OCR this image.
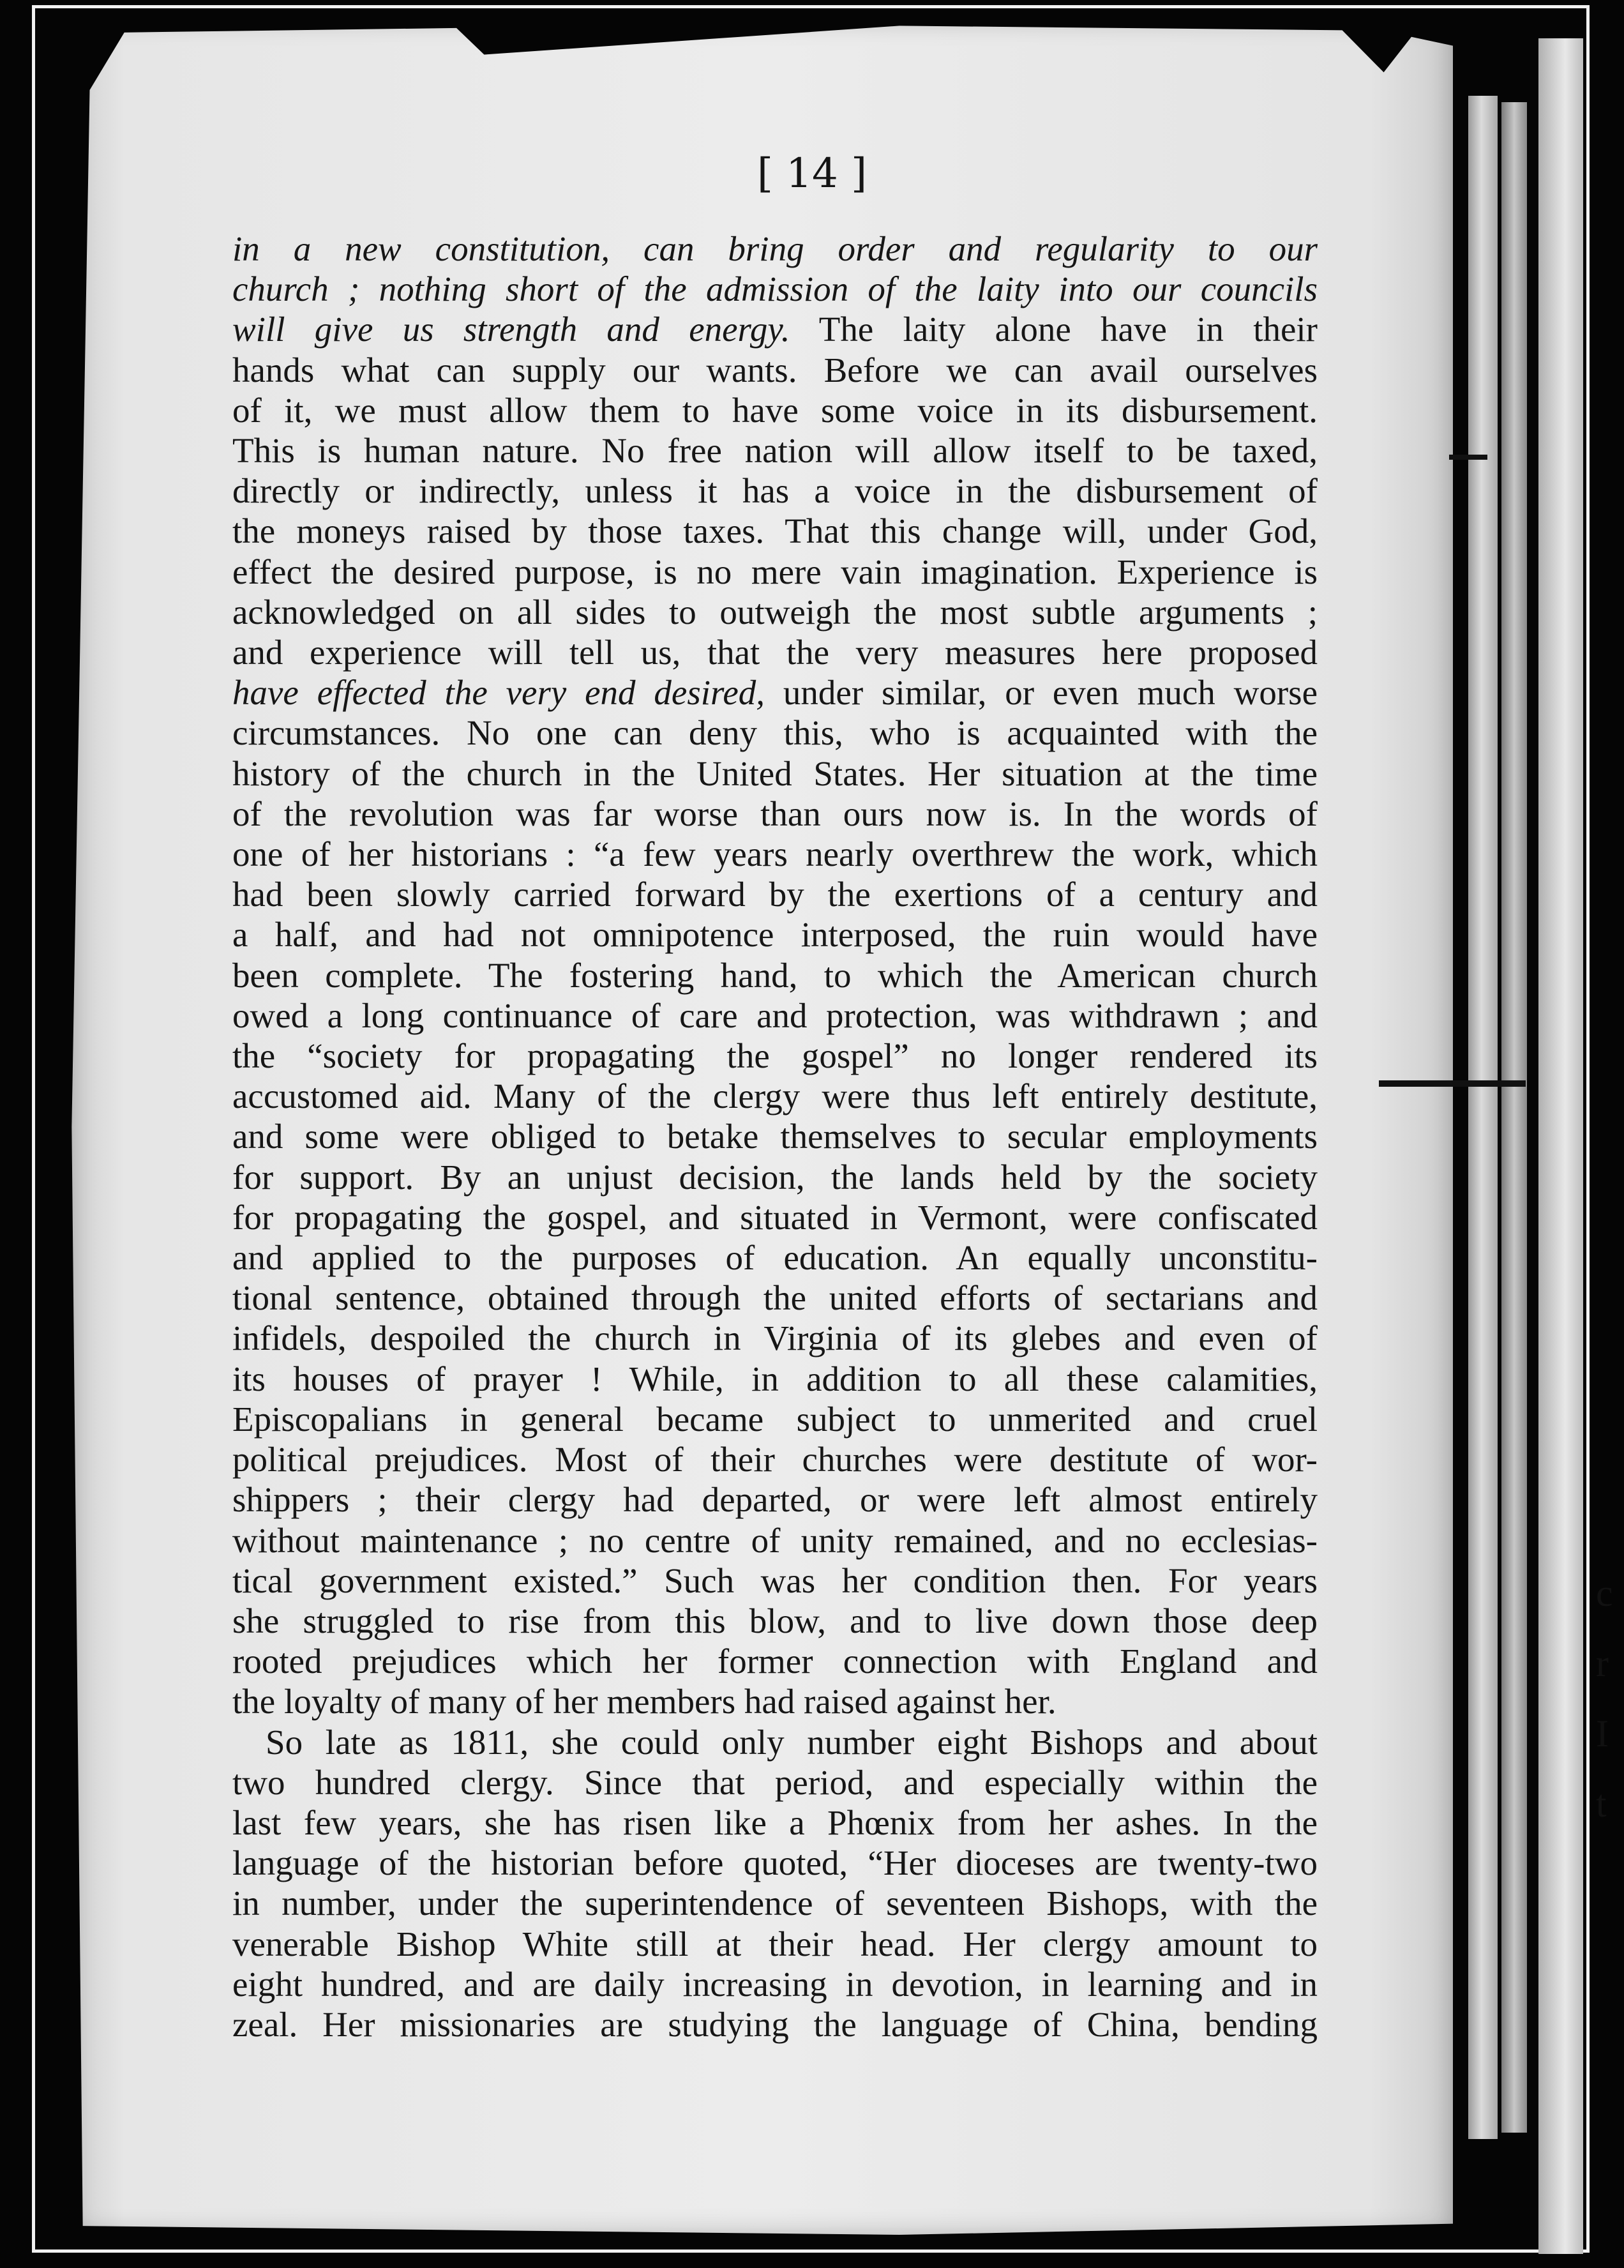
c
r
I
t
[ 14 ]
in a new constitution, can bring order and regularity to our
church ; nothing short of the admission of the laity into our councils
will give us strength and energy. The laity alone have in their
hands what can supply our wants. Before we can avail ourselves
of it, we must allow them to have some voice in its disbursement.
This is human nature. No free nation will allow itself to be taxed,
directly or indirectly, unless it has a voice in the disbursement of
the moneys raised by those taxes. That this change will, under God,
effect the desired purpose, is no mere vain imagination. Experience is
acknowledged on all sides to outweigh the most subtle arguments ;
and experience will tell us, that the very measures here proposed
have effected the very end desired, under similar, or even much worse
circumstances. No one can deny this, who is acquainted with the
history of the church in the United States. Her situation at the time
of the revolution was far worse than ours now is. In the words of
one of her historians : “a few years nearly overthrew the work, which
had been slowly carried forward by the exertions of a century and
a half, and had not omnipotence interposed, the ruin would have
been complete. The fostering hand, to which the American church
owed a long continuance of care and protection, was withdrawn ; and
the “society for propagating the gospel” no longer rendered its
accustomed aid. Many of the clergy were thus left entirely destitute,
and some were obliged to betake themselves to secular employments
for support. By an unjust decision, the lands held by the society
for propagating the gospel, and situated in Vermont, were confiscated
and applied to the purposes of education. An equally unconstitu-
tional sentence, obtained through the united efforts of sectarians and
infidels, despoiled the church in Virginia of its glebes and even of
its houses of prayer ! While, in addition to all these calamities,
Episcopalians in general became subject to unmerited and cruel
political prejudices. Most of their churches were destitute of wor-
shippers ; their clergy had departed, or were left almost entirely
without maintenance ; no centre of unity remained, and no ecclesias-
tical government existed.” Such was her condition then. For years
she struggled to rise from this blow, and to live down those deep
rooted prejudices which her former connection with England and
the loyalty of many of her members had raised against her.
So late as 1811, she could only number eight Bishops and about
two hundred clergy. Since that period, and especially within the
last few years, she has risen like a Phœnix from her ashes. In the
language of the historian before quoted, “Her dioceses are twenty-two
in number, under the superintendence of seventeen Bishops, with the
venerable Bishop White still at their head. Her clergy amount to
eight hundred, and are daily increasing in devotion, in learning and in
zeal. Her missionaries are studying the language of China, bending
